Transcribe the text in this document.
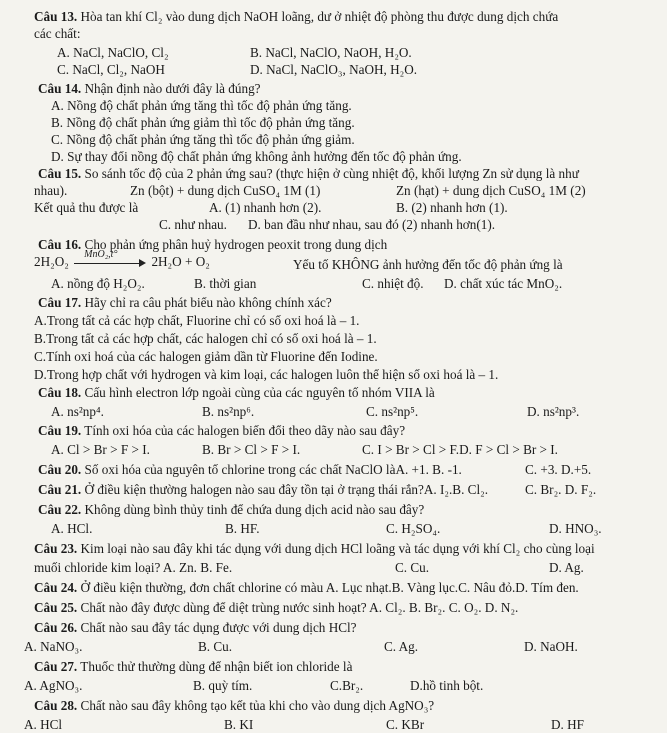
Câu 13. Hòa tan khí Cl₂ vào dung dịch NaOH loãng, dư ở nhiệt độ phòng thu được dung dịch chứa
các chất:
A. NaCl, NaClO, Cl₂	B. NaCl, NaClO, NaOH, H₂O.
C. NaCl, Cl₂, NaOH	D. NaCl, NaClO₃, NaOH, H₂O.
Câu 14. Nhận định nào dưới đây là đúng?
A. Nồng độ chất phản ứng tăng thì tốc độ phản ứng tăng.
B. Nồng độ chất phản ứng giảm thì tốc độ phản ứng tăng.
C. Nồng độ chất phản ứng tăng thì tốc độ phản ứng giảm.
D. Sự thay đổi nồng độ chất phản ứng không ảnh hưởng đến tốc độ phản ứng.
Câu 15. So sánh tốc độ của 2 phản ứng sau? (thực hiện ở cùng nhiệt độ, khối lượng Zn sử dụng là như
nhau).	Zn (bột) + dung dịch CuSO₄ 1M (1)	Zn (hạt) + dung dịch CuSO₄ 1M (2)
Kết quả thu được là	A. (1) nhanh hơn (2).	B. (2) nhanh hơn (1).
C. như nhau. D. ban đầu như nhau, sau đó (2) nhanh hơn(1).
Câu 16. Cho phản ứng phân huỷ hydrogen peoxit trong dung dịch
Yếu tố KHÔNG ảnh hưởng đến tốc độ phản ứng là
A. nồng độ H₂O₂.	B. thời gian	C. nhiệt độ. D. chất xúc tác MnO₂.
Câu 17. Hãy chỉ ra câu phát biểu nào không chính xác?
A.Trong tất cả các hợp chất, Fluorine chỉ có số oxi hoá là – 1.
B.Trong tất cả các hợp chất, các halogen chỉ có số oxi hoá là – 1.
C.Tính oxi hoá của các halogen giảm dần từ Fluorine đến Iodine.
D.Trong hợp chất với hydrogen và kim loại, các halogen luôn thể hiện số oxi hoá là – 1.
Câu 18. Cấu hình electron lớp ngoài cùng của các nguyên tố nhóm VIIA là
A. ns²np⁴.	B. ns²np⁶.	C. ns²np⁵.	D. ns²np³.
Câu 19. Tính oxi hóa của các halogen biến đổi theo dãy nào sau đây?
A. Cl > Br > F > I.	B. Br > Cl > F > I.	C. I > Br > Cl > F.D. F > Cl > Br > I.
Câu 20. Số oxi hóa của nguyên tố chlorine trong các chất NaClO làA. +1. B. -1.	C. +3. D.+5.
Câu 21. Ở điều kiện thường halogen nào sau đây tồn tại ở trạng thái rắn?A. I₂.B. Cl₂.	C. Br₂. D. F₂.
Câu 22. Không dùng bình thủy tinh để chứa dung dịch acid nào sau đây?
A. HCl.	B. HF.	C. H₂SO₄.	D. HNO₃.
Câu 23. Kim loại nào sau đây khi tác dụng với dung dịch HCl loãng và tác dụng với khí Cl₂ cho cùng loại
muối chloride kim loại? A. Zn. B. Fe.	C. Cu.	D. Ag.
Câu 24. Ở điều kiện thường, đơn chất chlorine có màu A. Lục nhạt.B. Vàng lục.C. Nâu đỏ.D. Tím đen.
Câu 25. Chất nào đây được dùng để diệt trùng nước sinh hoạt? A. Cl₂. B. Br₂. C. O₂. D. N₂.
Câu 26. Chất nào sau đây tác dụng được với dung dịch HCl?
A. NaNO₃.	B. Cu.	C. Ag.	D. NaOH.
Câu 27. Thuốc thử thường dùng để nhận biết ion chloride là
A. AgNO₃.	B. quỳ tím.	C.Br₂.	D.hồ tinh bột.
Câu 28. Chất nào sau đây không tạo kết tủa khi cho vào dung dịch AgNO₃?
A. HCl	B. KI	C. KBr	D. HF
2H₂O₂ MnO₂,t°	2H₂O + O₂
